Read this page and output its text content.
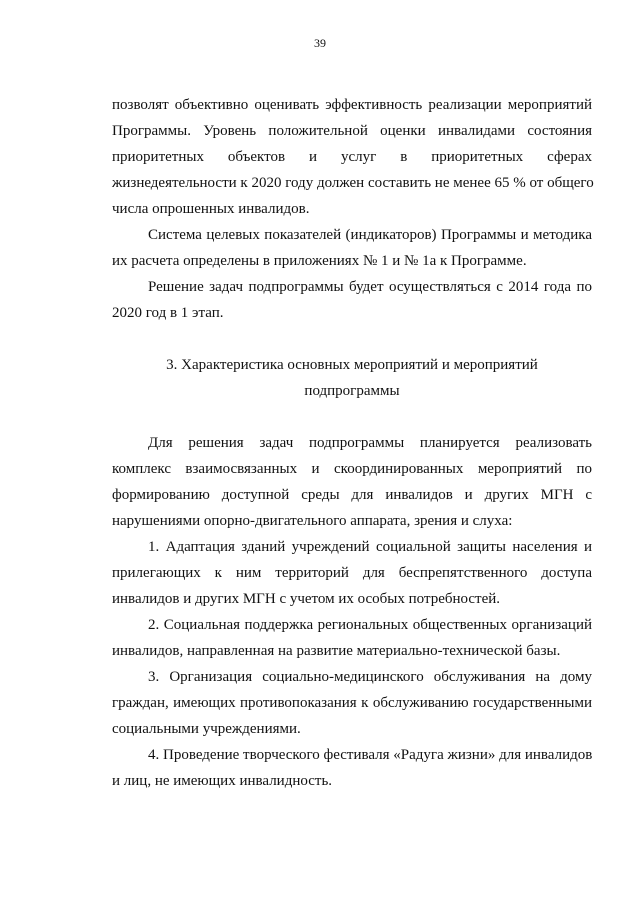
39
позволят объективно оценивать эффективность реализации мероприятий
Программы. Уровень положительной оценки инвалидами состояния
приоритетных объектов и услуг в приоритетных сферах
жизнедеятельности к 2020 году должен составить не менее 65 % от общего
числа опрошенных инвалидов.
Система целевых показателей (индикаторов) Программы и методика
их расчета определены в приложениях № 1 и № 1а к Программе.
Решение задач подпрограммы будет осуществляться с 2014 года по
2020 год в 1 этап.
3. Характеристика основных мероприятий и мероприятий
подпрограммы
Для решения задач подпрограммы планируется реализовать
комплекс взаимосвязанных и скоординированных мероприятий по
формированию доступной среды для инвалидов и других МГН с
нарушениями опорно-двигательного аппарата, зрения и слуха:
1. Адаптация зданий учреждений социальной защиты населения и
прилегающих к ним территорий для беспрепятственного доступа
инвалидов и других МГН с учетом их особых потребностей.
2. Социальная поддержка региональных общественных организаций
инвалидов, направленная на развитие материально-технической базы.
3. Организация социально-медицинского обслуживания на дому
граждан, имеющих противопоказания к обслуживанию государственными
социальными учреждениями.
4. Проведение творческого фестиваля «Радуга жизни» для инвалидов
и лиц, не имеющих инвалидность.
